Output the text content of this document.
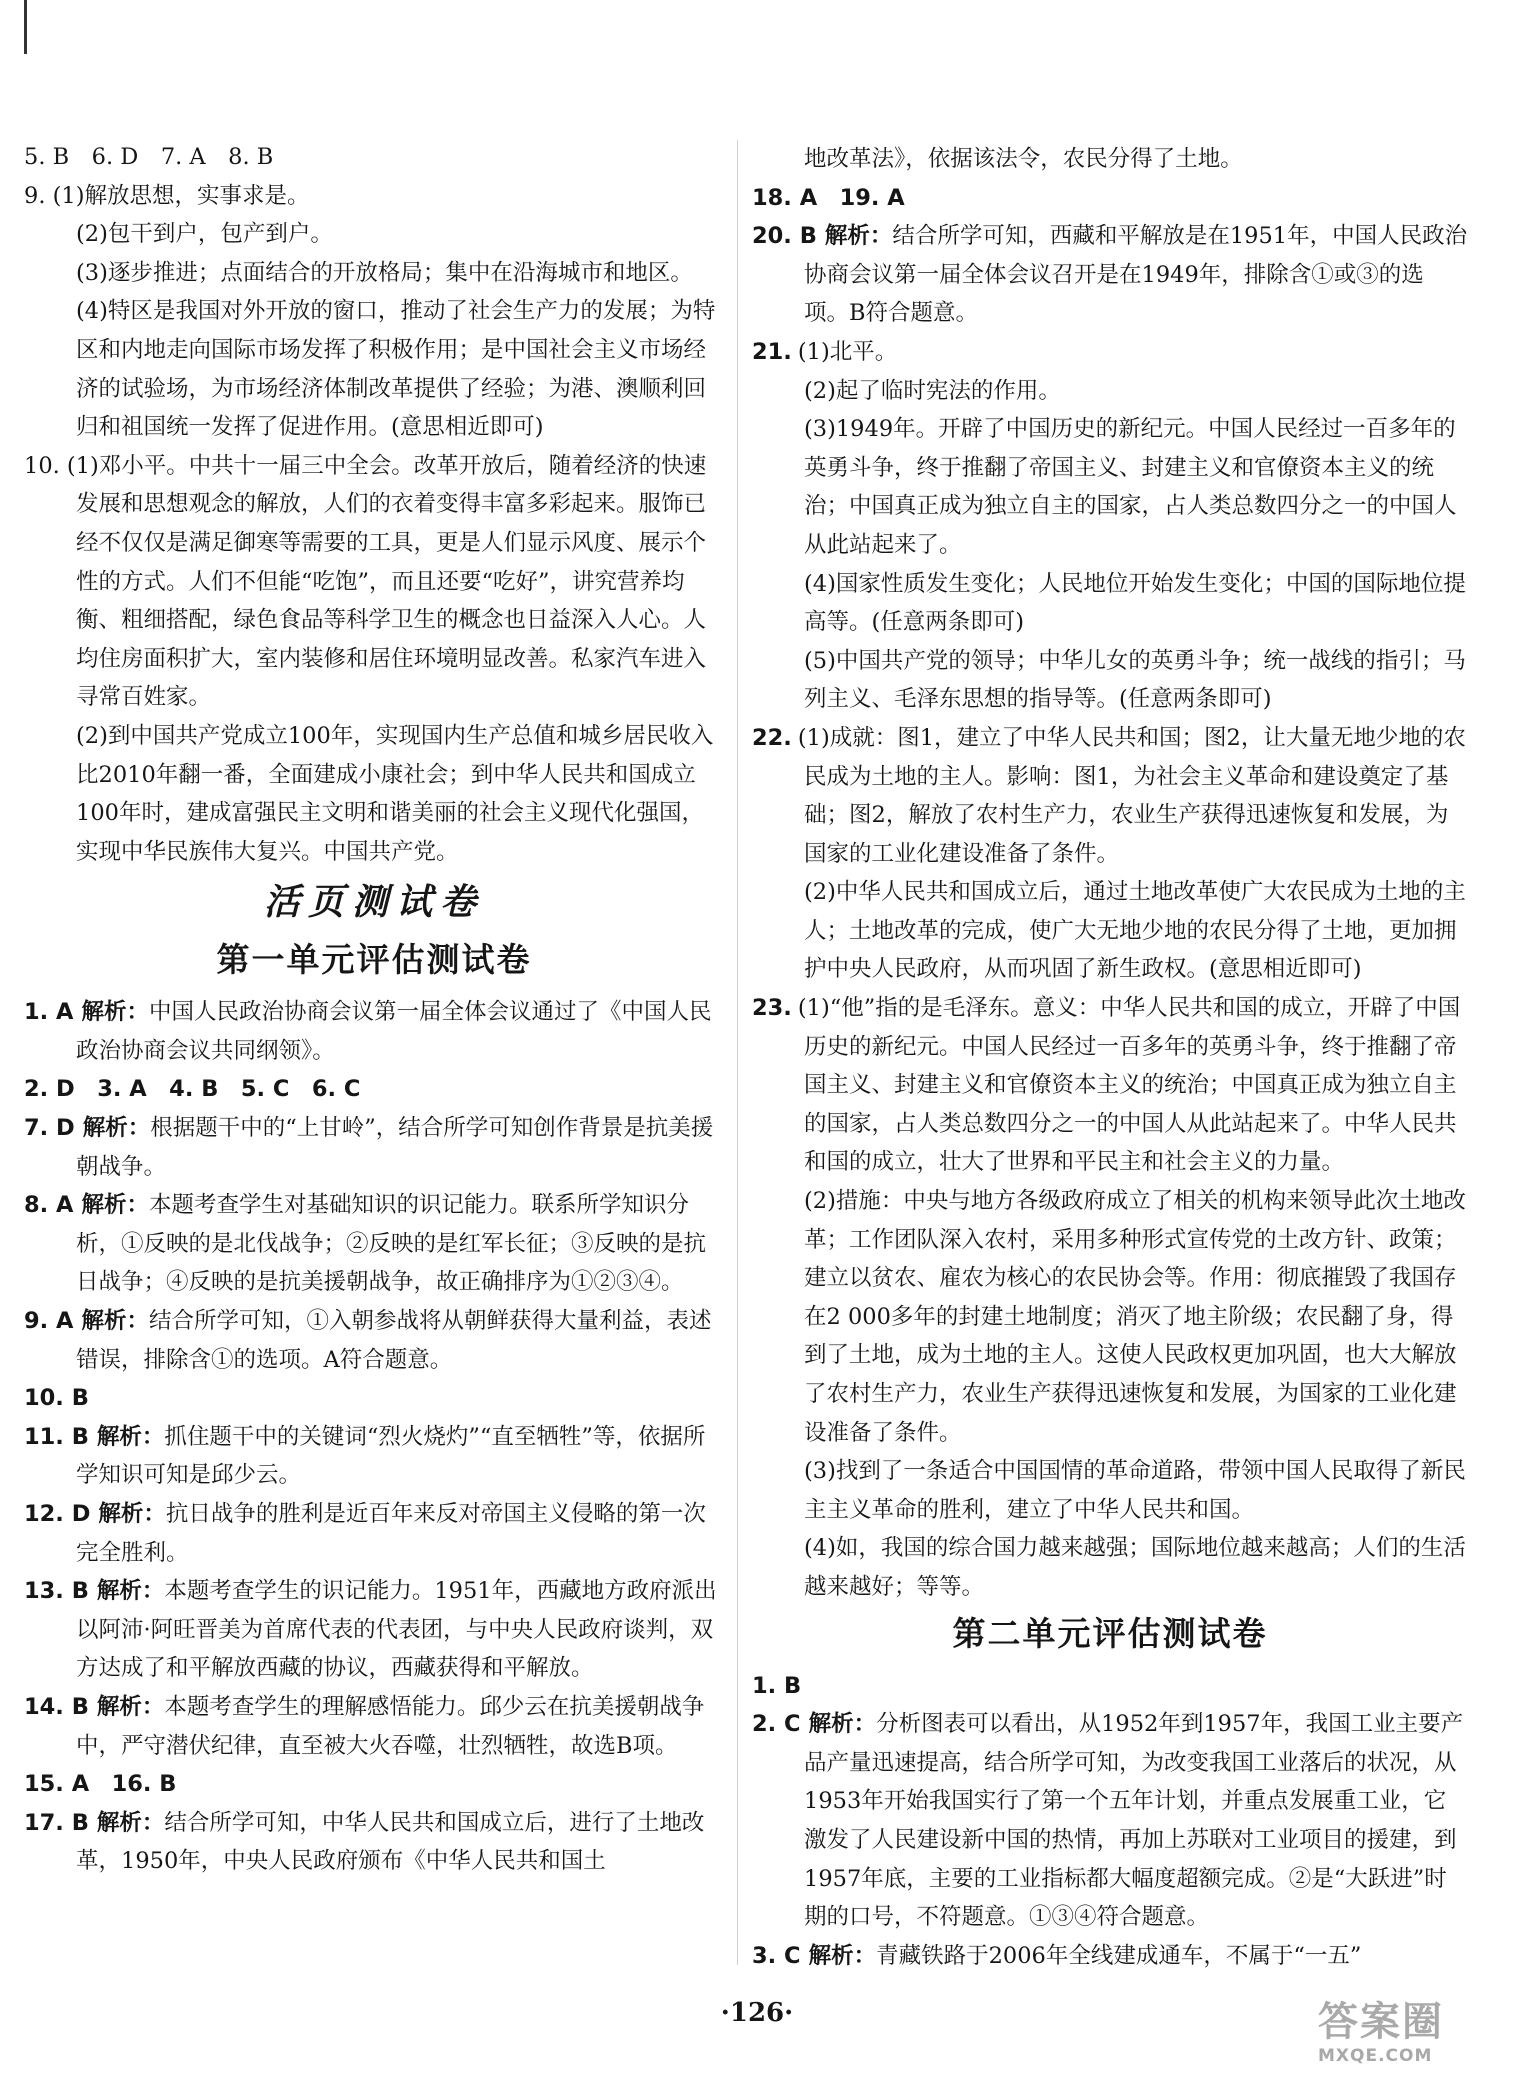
5. B　6. D　7. A　8. B

9. (1)解放思想，实事求是。

(2)包干到户，包产到户。

(3)逐步推进；点面结合的开放格局；集中在沿海城市和地区。

(4)特区是我国对外开放的窗口，推动了社会生产力的发展；为特区和内地走向国际市场发挥了积极作用；是中国社会主义市场经济的试验场，为市场经济体制改革提供了经验；为港、澳顺利回归和祖国统一发挥了促进作用。(意思相近即可)

10. (1)邓小平。中共十一届三中全会。改革开放后，随着经济的快速发展和思想观念的解放，人们的衣着变得丰富多彩起来。服饰已经不仅仅是满足御寒等需要的工具，更是人们显示风度、展示个性的方式。人们不但能“吃饱”，而且还要“吃好”，讲究营养均衡、粗细搭配，绿色食品等科学卫生的概念也日益深入人心。人均住房面积扩大，室内装修和居住环境明显改善。私家汽车进入寻常百姓家。

(2)到中国共产党成立100年，实现国内生产总值和城乡居民收入比2010年翻一番，全面建成小康社会；到中华人民共和国成立100年时，建成富强民主文明和谐美丽的社会主义现代化强国，实现中华民族伟大复兴。中国共产党。

活页测试卷
第一单元评估测试卷

1. A 解析：中国人民政治协商会议第一届全体会议通过了《中国人民政治协商会议共同纲领》。

2. D　3. A　4. B　5. C　6. C

7. D 解析：根据题干中的“上甘岭”，结合所学可知创作背景是抗美援朝战争。

8. A 解析：本题考查学生对基础知识的识记能力。联系所学知识分析，①反映的是北伐战争；②反映的是红军长征；③反映的是抗日战争；④反映的是抗美援朝战争，故正确排序为①②③④。

9. A 解析：结合所学可知，①入朝参战将从朝鲜获得大量利益，表述错误，排除含①的选项。A符合题意。

10. B

11. B 解析：抓住题干中的关键词“烈火烧灼”“直至牺牲”等，依据所学知识可知是邱少云。

12. D 解析：抗日战争的胜利是近百年来反对帝国主义侵略的第一次完全胜利。

13. B 解析：本题考查学生的识记能力。1951年，西藏地方政府派出以阿沛·阿旺晋美为首席代表的代表团，与中央人民政府谈判，双方达成了和平解放西藏的协议，西藏获得和平解放。

14. B 解析：本题考查学生的理解感悟能力。邱少云在抗美援朝战争中，严守潜伏纪律，直至被大火吞噬，壮烈牺牲，故选B项。

15. A　16. B

17. B 解析：结合所学可知，中华人民共和国成立后，进行了土地改革，1950年，中央人民政府颁布《中华人民共和国土

地改革法》，依据该法令，农民分得了土地。

18. A　19. A

20. B 解析：结合所学可知，西藏和平解放是在1951年，中国人民政治协商会议第一届全体会议召开是在1949年，排除含①或③的选项。B符合题意。

21. (1)北平。

(2)起了临时宪法的作用。

(3)1949年。开辟了中国历史的新纪元。中国人民经过一百多年的英勇斗争，终于推翻了帝国主义、封建主义和官僚资本主义的统治；中国真正成为独立自主的国家，占人类总数四分之一的中国人从此站起来了。

(4)国家性质发生变化；人民地位开始发生变化；中国的国际地位提高等。(任意两条即可)

(5)中国共产党的领导；中华儿女的英勇斗争；统一战线的指引；马列主义、毛泽东思想的指导等。(任意两条即可)

22. (1)成就：图1，建立了中华人民共和国；图2，让大量无地少地的农民成为土地的主人。影响：图1，为社会主义革命和建设奠定了基础；图2，解放了农村生产力，农业生产获得迅速恢复和发展，为国家的工业化建设准备了条件。

(2)中华人民共和国成立后，通过土地改革使广大农民成为土地的主人；土地改革的完成，使广大无地少地的农民分得了土地，更加拥护中央人民政府，从而巩固了新生政权。(意思相近即可)

23. (1)“他”指的是毛泽东。意义：中华人民共和国的成立，开辟了中国历史的新纪元。中国人民经过一百多年的英勇斗争，终于推翻了帝国主义、封建主义和官僚资本主义的统治；中国真正成为独立自主的国家，占人类总数四分之一的中国人从此站起来了。中华人民共和国的成立，壮大了世界和平民主和社会主义的力量。

(2)措施：中央与地方各级政府成立了相关的机构来领导此次土地改革；工作团队深入农村，采用多种形式宣传党的土改方针、政策；建立以贫农、雇农为核心的农民协会等。作用：彻底摧毁了我国存在2 000多年的封建土地制度；消灭了地主阶级；农民翻了身，得到了土地，成为土地的主人。这使人民政权更加巩固，也大大解放了农村生产力，农业生产获得迅速恢复和发展，为国家的工业化建设准备了条件。

(3)找到了一条适合中国国情的革命道路，带领中国人民取得了新民主主义革命的胜利，建立了中华人民共和国。

(4)如，我国的综合国力越来越强；国际地位越来越高；人们的生活越来越好；等等。

第二单元评估测试卷

1. B

2. C 解析：分析图表可以看出，从1952年到1957年，我国工业主要产品产量迅速提高，结合所学可知，为改变我国工业落后的状况，从1953年开始我国实行了第一个五年计划，并重点发展重工业，它激发了人民建设新中国的热情，再加上苏联对工业项目的援建，到1957年底，主要的工业指标都大幅度超额完成。②是“大跃进”时期的口号，不符题意。①③④符合题意。

3. C 解析：青藏铁路于2006年全线建成通车，不属于“一五”

·126·	答案圈
MXQE.COM
